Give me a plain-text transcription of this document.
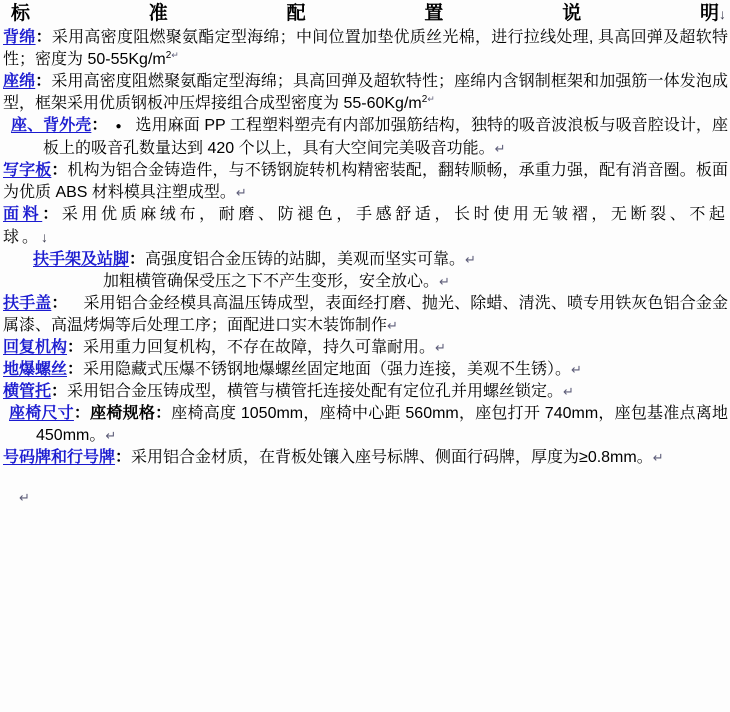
标	准	配	置	说	明↓

背绵：采用高密度阻燃聚氨酯定型海绵；中间位置加垫优质丝光棉，进行拉线处理, 具高回弹及超软特性；密度为 $50-55Kg/m^{2↵}$

座绵：采用高密度阻燃聚氨酯定型海绵；具高回弹及超软特性；座绵内含钢制框架和加强筋一体发泡成型，框架采用优质钢板冲压焊接组合成型密度为 $55-60Kg/m^{2↵}$

座、背外壳： ● 选用麻面 PP 工程塑料塑壳有内部加强筋结构，独特的吸音波浪板与吸音腔设计，座板上的吸音孔数量达到 420 个以上，具有大空间完美吸音功能。↵

写字板：机构为铝合金铸造件，与不锈钢旋转机构精密装配，翻转顺畅，承重力强，配有消音圈。板面为优质 ABS 材料模具注塑成型。↵

面料：采用优质麻绒布，耐磨、防褪色，手感舒适，长时使用无皱褶，无断裂、不起球。↓

扶手架及站脚：高强度铝合金压铸的站脚，美观而坚实可靠。↵

加粗横管确保受压之下不产生变形，安全放心。↵

扶手盖： 采用铝合金经模具高温压铸成型，表面经打磨、抛光、除蜡、清洗、喷专用铁灰色铝合金金属漆、高温烤焗等后处理工序；面配进口实木装饰制作↵

回复机构：采用重力回复机构，不存在故障，持久可靠耐用。↵

地爆螺丝：采用隐藏式压爆不锈钢地爆螺丝固定地面（强力连接，美观不生锈）。↵

横管托：采用铝合金压铸成型，横管与横管托连接处配有定位孔并用螺丝锁定。↵

座椅尺寸：座椅规格：座椅高度 1050mm，座椅中心距 560mm，座包打开 740mm，座包基准点离地 450mm。↵

号码牌和行号牌：采用铝合金材质，在背板处镶入座号标牌、侧面行码牌，厚度为≥0.8mm。↵

↵
